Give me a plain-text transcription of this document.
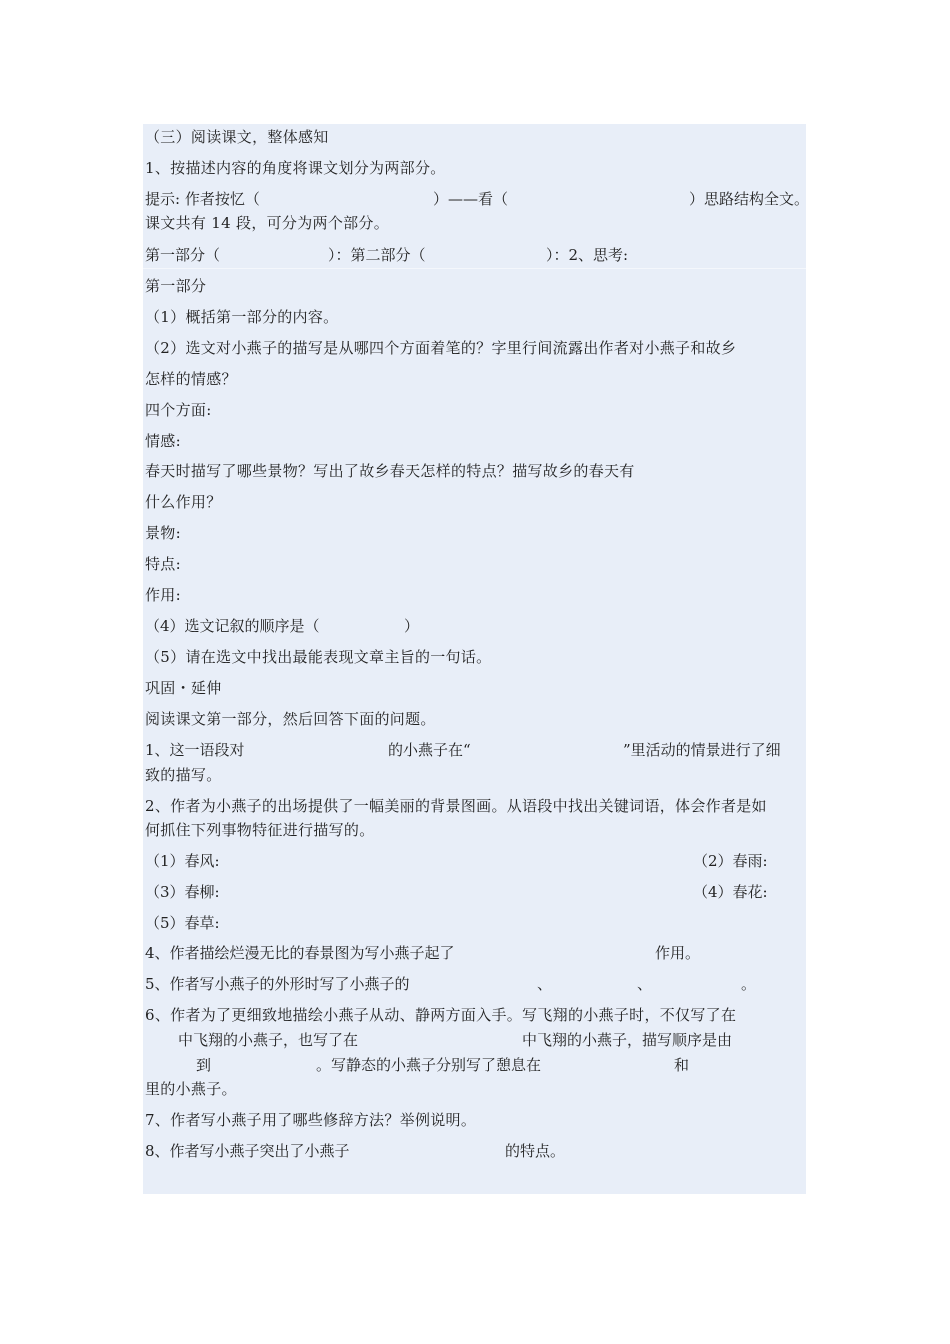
（三）阅读课文，整体感知
1、按描述内容的角度将课文划分为两部分。
提示: 作者按忆（	）——看（	）思路结构全文。
课文共有 14 段，可分为两个部分。
第一部分（	）：第二部分（	）：2、思考:
第一部分
（1）概括第一部分的内容。
（2）选文对小燕子的描写是从哪四个方面着笔的？字里行间流露出作者对小燕子和故乡
怎样的情感？
四个方面:
情感:
春天时描写了哪些景物？写出了故乡春天怎样的特点？描写故乡的春天有
什么作用？
景物:
特点:
作用:
（4）选文记叙的顺序是（	）
（5）请在选文中找出最能表现文章主旨的一句话。
巩固・延伸
阅读课文第一部分，然后回答下面的问题。
1、这一语段对	的小燕子在“	”里活动的情景进行了细
致的描写。
2、作者为小燕子的出场提供了一幅美丽的背景图画。从语段中找出关键词语，体会作者是如
何抓住下列事物特征进行描写的。
（1）春风:	（2）春雨:
（3）春柳:	（4）春花:
（5）春草:
4、作者描绘烂漫无比的春景图为写小燕子起了	作用。
5、作者写小燕子的外形时写了小燕子的	、	、	。
6、作者为了更细致地描绘小燕子从动、静两方面入手。写飞翔的小燕子时，不仅写了在
中飞翔的小燕子，也写了在	中飞翔的小燕子，描写顺序是由
到	。写静态的小燕子分别写了憩息在	和
里的小燕子。
7、作者写小燕子用了哪些修辞方法？举例说明。
8、作者写小燕子突出了小燕子	的特点。
